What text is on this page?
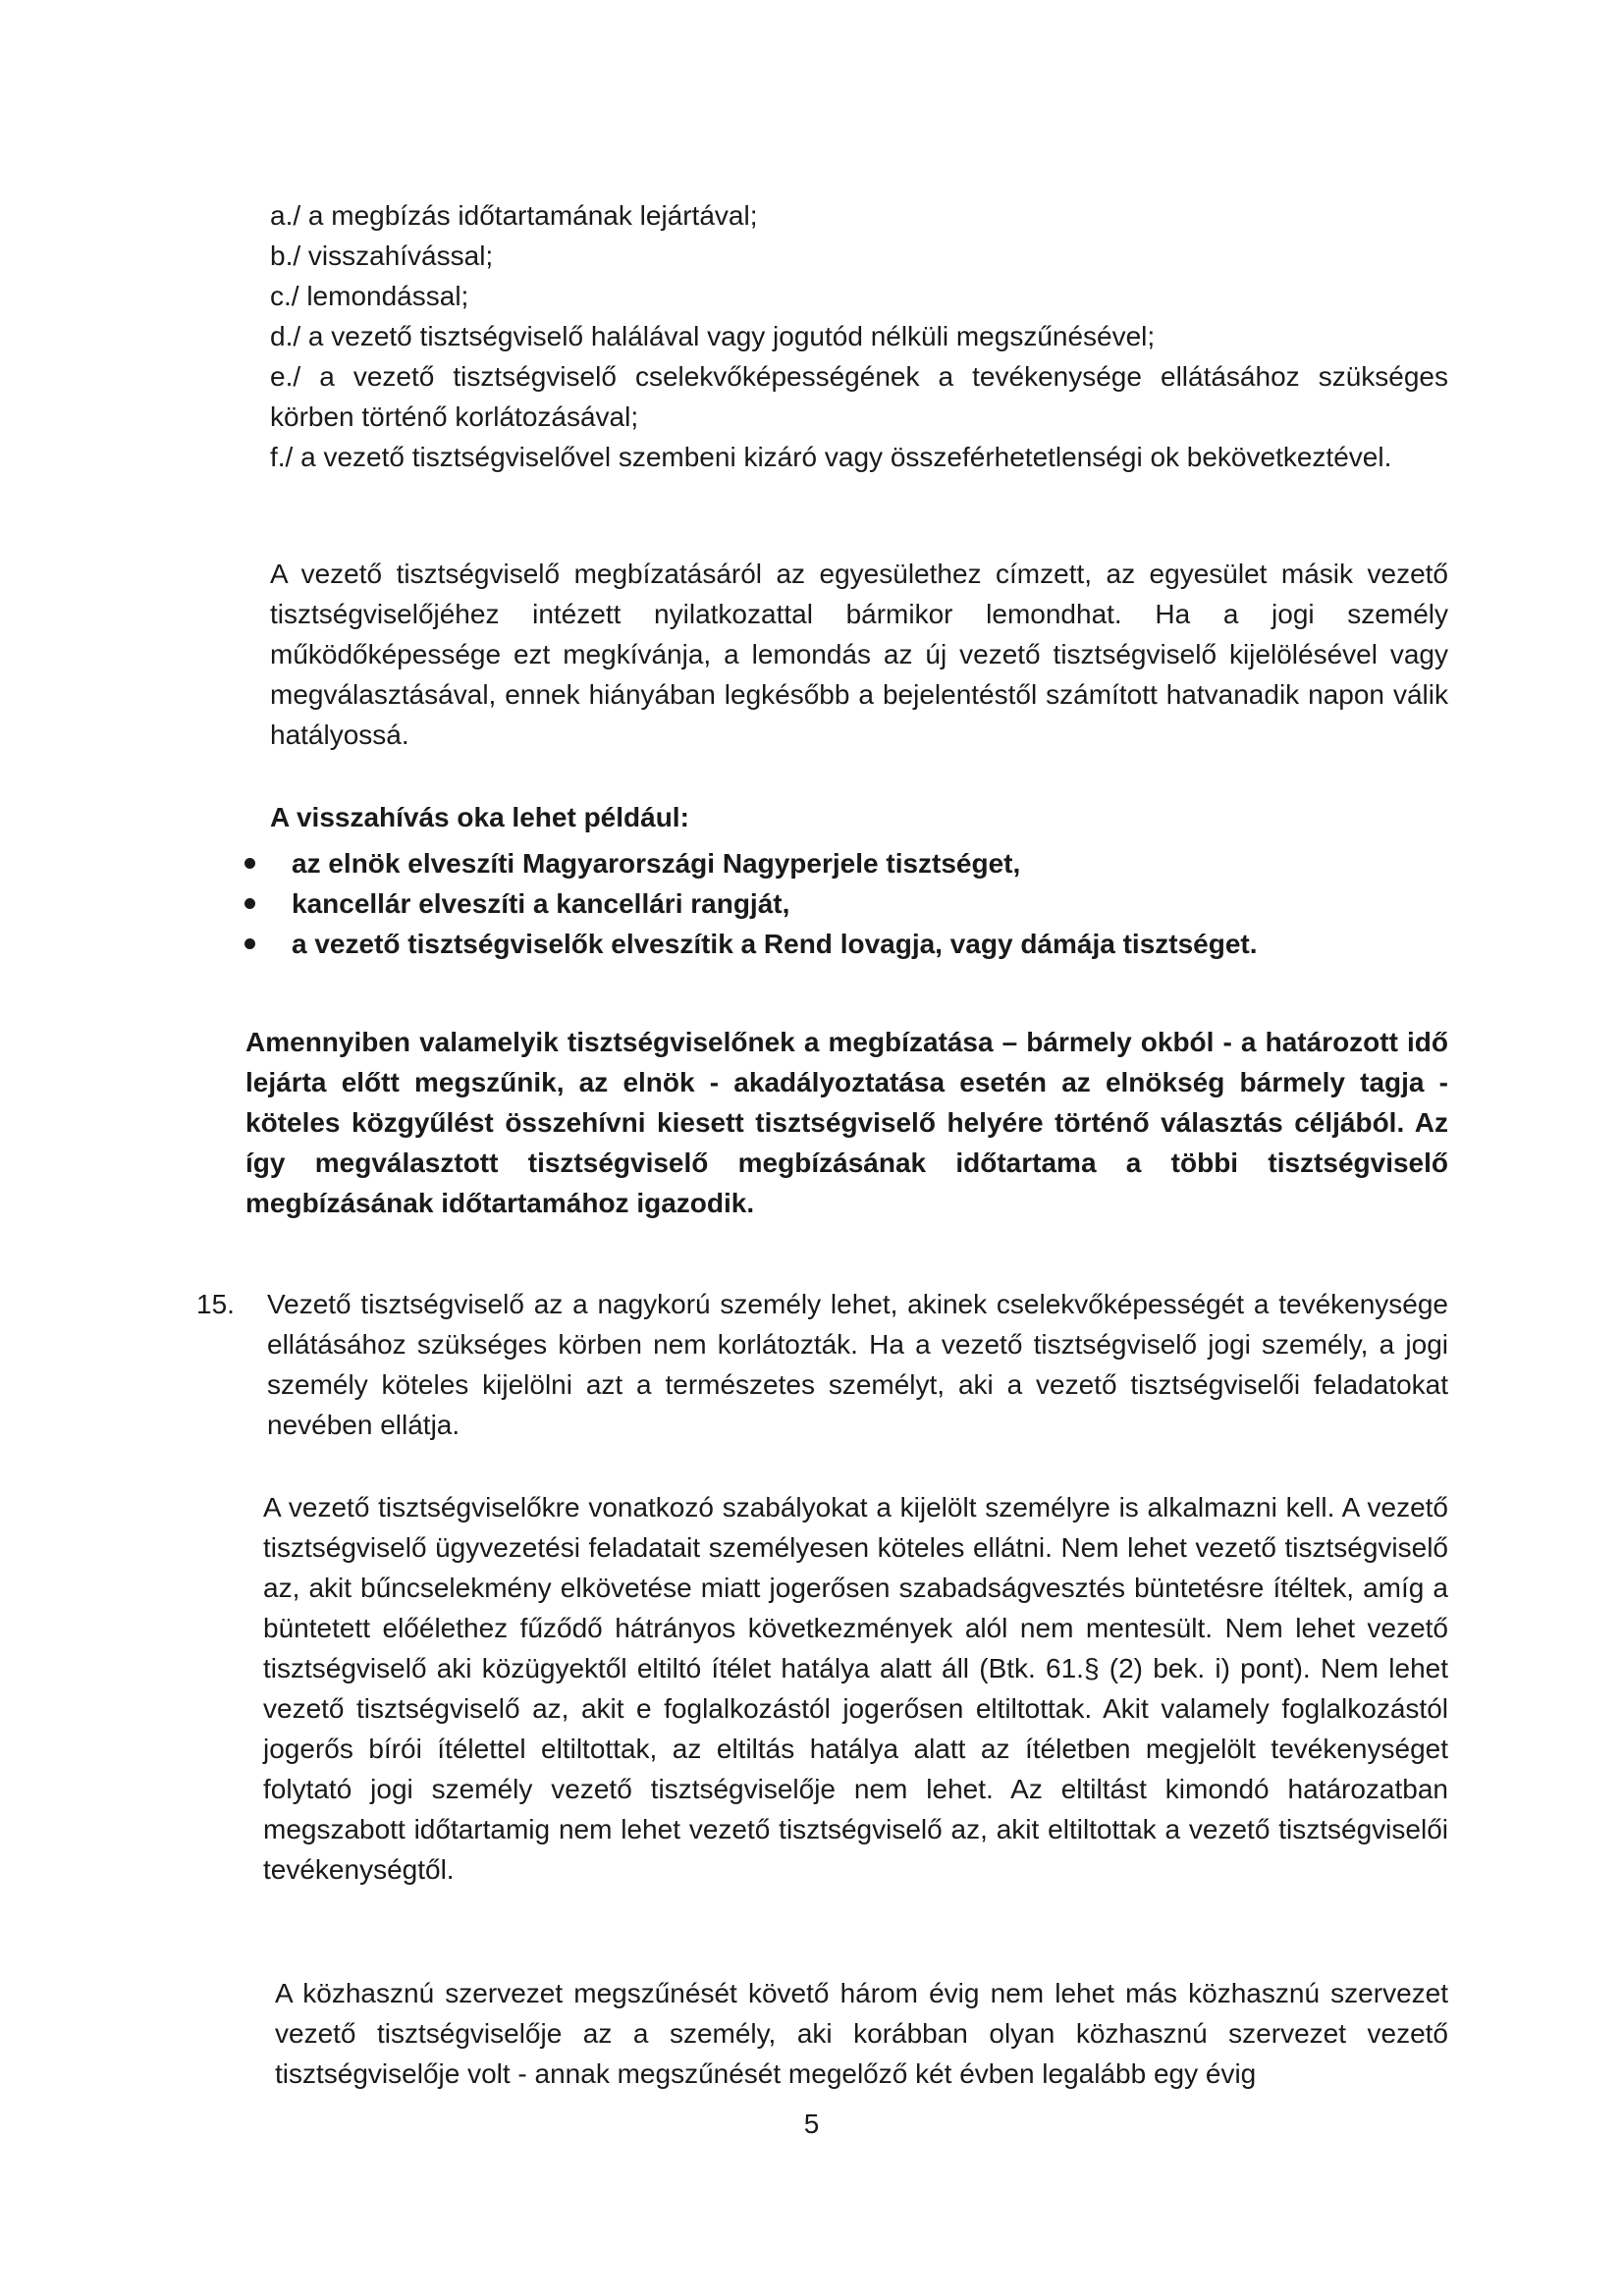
a./ a megbízás időtartamának lejártával;
b./ visszahívással;
c./ lemondással;
d./ a vezető tisztségviselő halálával vagy jogutód nélküli megszűnésével;
e./ a vezető tisztségviselő cselekvőképességének a tevékenysége ellátásához szükséges körben történő korlátozásával;
f./ a vezető tisztségviselővel szembeni kizáró vagy összeférhetetlenségi ok bekövetkeztével.
A vezető tisztségviselő megbízatásáról az egyesülethez címzett, az egyesület másik vezető tisztségviselőjéhez intézett nyilatkozattal bármikor lemondhat. Ha a jogi személy működőképessége ezt megkívánja, a lemondás az új vezető tisztségviselő kijelölésével vagy megválasztásával, ennek hiányában legkésőbb a bejelentéstől számított hatvanadik napon válik hatályossá.
A visszahívás oka lehet például:
az elnök elveszíti Magyarországi Nagyperjele tisztséget,
kancellár elveszíti a kancellári rangját,
a vezető tisztségviselők elveszítik a Rend lovagja, vagy dámája tisztséget.
Amennyiben valamelyik tisztségviselőnek a megbízatása – bármely okból - a határozott idő lejárta előtt megszűnik, az elnök - akadályoztatása esetén az elnökség bármely tagja - köteles közgyűlést összehívni kiesett tisztségviselő helyére történő választás céljából. Az így megválasztott tisztségviselő megbízásának időtartama a többi tisztségviselő megbízásának időtartamához igazodik.
15. Vezető tisztségviselő az a nagykorú személy lehet, akinek cselekvőképességét a tevékenysége ellátásához szükséges körben nem korlátozták. Ha a vezető tisztségviselő jogi személy, a jogi személy köteles kijelölni azt a természetes személyt, aki a vezető tisztségviselői feladatokat nevében ellátja.
A vezető tisztségviselőkre vonatkozó szabályokat a kijelölt személyre is alkalmazni kell. A vezető tisztségviselő ügyvezetési feladatait személyesen köteles ellátni. Nem lehet vezető tisztségviselő az, akit bűncselekmény elkövetése miatt jogerősen szabadságvesztés büntetésre ítéltek, amíg a büntetett előélethez fűződő hátrányos következmények alól nem mentesült. Nem lehet vezető tisztségviselő aki közügyektől eltiltó ítélet hatálya alatt áll (Btk. 61.§ (2) bek. i) pont). Nem lehet vezető tisztségviselő az, akit e foglalkozástól jogerősen eltiltottak. Akit valamely foglalkozástól jogerős bírói ítélettel eltiltottak, az eltiltás hatálya alatt az ítéletben megjelölt tevékenységet folytató jogi személy vezető tisztségviselője nem lehet. Az eltiltást kimondó határozatban megszabott időtartamig nem lehet vezető tisztségviselő az, akit eltiltottak a vezető tisztségviselői tevékenységtől.
A közhasznú szervezet megszűnését követő három évig nem lehet más közhasznú szervezet vezető tisztségviselője az a személy, aki korábban olyan közhasznú szervezet vezető tisztségviselője volt - annak megszűnését megelőző két évben legalább egy évig
5
